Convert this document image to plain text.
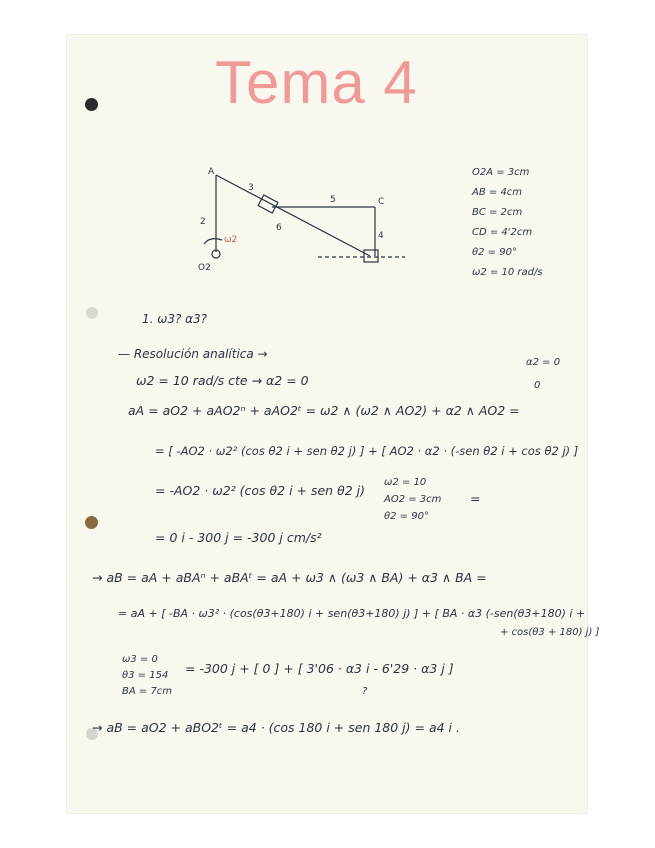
Tema 4
A
C
O2
2
3
4
5
6
ω2
O2A = 3cm
AB = 4cm
BC = 2cm
CD = 4'2cm
θ2 = 90°
ω2 = 10 rad/s
1. ω3? α3?
— Resolución analítica →
α2 = 0
0
ω2 = 10 rad/s cte → α2 = 0
aA = aO2 + aAO2ⁿ + aAO2ᵗ = ω2 ∧ (ω2 ∧ AO2) + α2 ∧ AO2 =
= [ -AO2 · ω2² (cos θ2 i + sen θ2 j) ] + [ AO2 · α2 · (-sen θ2 i + cos θ2 j) ]
= -AO2 · ω2² (cos θ2 i + sen θ2 j)
ω2 = 10
AO2 = 3cm
θ2 = 90°
=
= 0 i - 300 j = -300 j cm/s²
→ aB = aA + aBAⁿ + aBAᵗ = aA + ω3 ∧ (ω3 ∧ BA) + α3 ∧ BA =
= aA + [ -BA · ω3² · (cos(θ3+180) i + sen(θ3+180) j) ] + [ BA · α3 (-sen(θ3+180) i +
+ cos(θ3 + 180) j) ]
ω3 = 0
θ3 = 154
BA = 7cm
= -300 j + [ 0 ] + [ 3'06 · α3 i - 6'29 · α3 j ]
?
→ aB = aO2 + aBO2ᵗ = a4 · (cos 180 i + sen 180 j) = a4 i .
